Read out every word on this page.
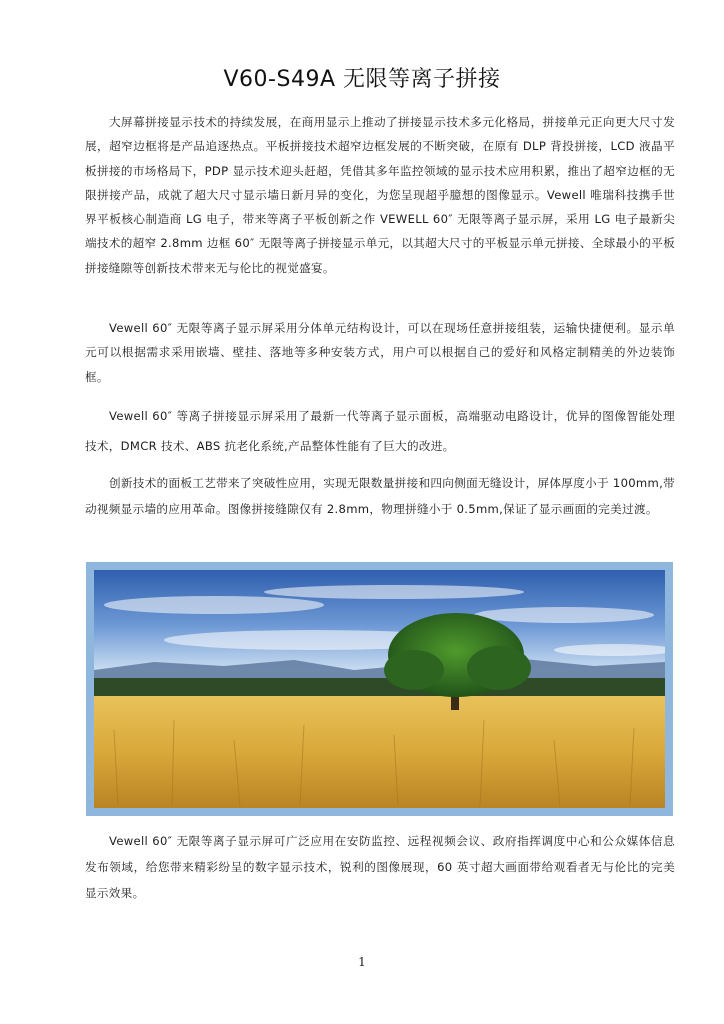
V60-S49A 无限等离子拼接

大屏幕拼接显示技术的持续发展，在商用显示上推动了拼接显示技术多元化格局，拼接单元正向更大尺寸发展，超窄边框将是产品追逐热点。平板拼接技术超窄边框发展的不断突破，在原有 DLP 背投拼接，LCD 液晶平板拼接的市场格局下，PDP 显示技术迎头赶超，凭借其多年监控领域的显示技术应用积累，推出了超窄边框的无限拼接产品，成就了超大尺寸显示墙日新月异的变化，为您呈现超乎臆想的图像显示。Vewell 唯瑞科技携手世界平板核心制造商 LG 电子，带来等离子平板创新之作 VEWELL 60″ 无限等离子显示屏，采用 LG 电子最新尖端技术的超窄 2.8mm 边框 60″ 无限等离子拼接显示单元，以其超大尺寸的平板显示单元拼接、全球最小的平板拼接缝隙等创新技术带来无与伦比的视觉盛宴。

Vewell 60″ 无限等离子显示屏采用分体单元结构设计，可以在现场任意拼接组装，运输快捷便利。显示单元可以根据需求采用嵌墙、壁挂、落地等多种安装方式，用户可以根据自己的爱好和风格定制精美的外边装饰框。

Vewell 60″ 等离子拼接显示屏采用了最新一代等离子显示面板，高端驱动电路设计，优异的图像智能处理技术，DMCR 技术、ABS 抗老化系统,产品整体性能有了巨大的改进。

创新技术的面板工艺带来了突破性应用，实现无限数量拼接和四向侧面无缝设计，屏体厚度小于 100mm,带动视频显示墙的应用革命。图像拼接缝隙仅有 2.8mm，物理拼缝小于 0.5mm,保证了显示画面的完美过渡。

Vewell 60″ 无限等离子显示屏可广泛应用在安防监控、远程视频会议、政府指挥调度中心和公众媒体信息发布领域，给您带来精彩纷呈的数字显示技术，锐利的图像展现，60 英寸超大画面带给观看者无与伦比的完美显示效果。

1
